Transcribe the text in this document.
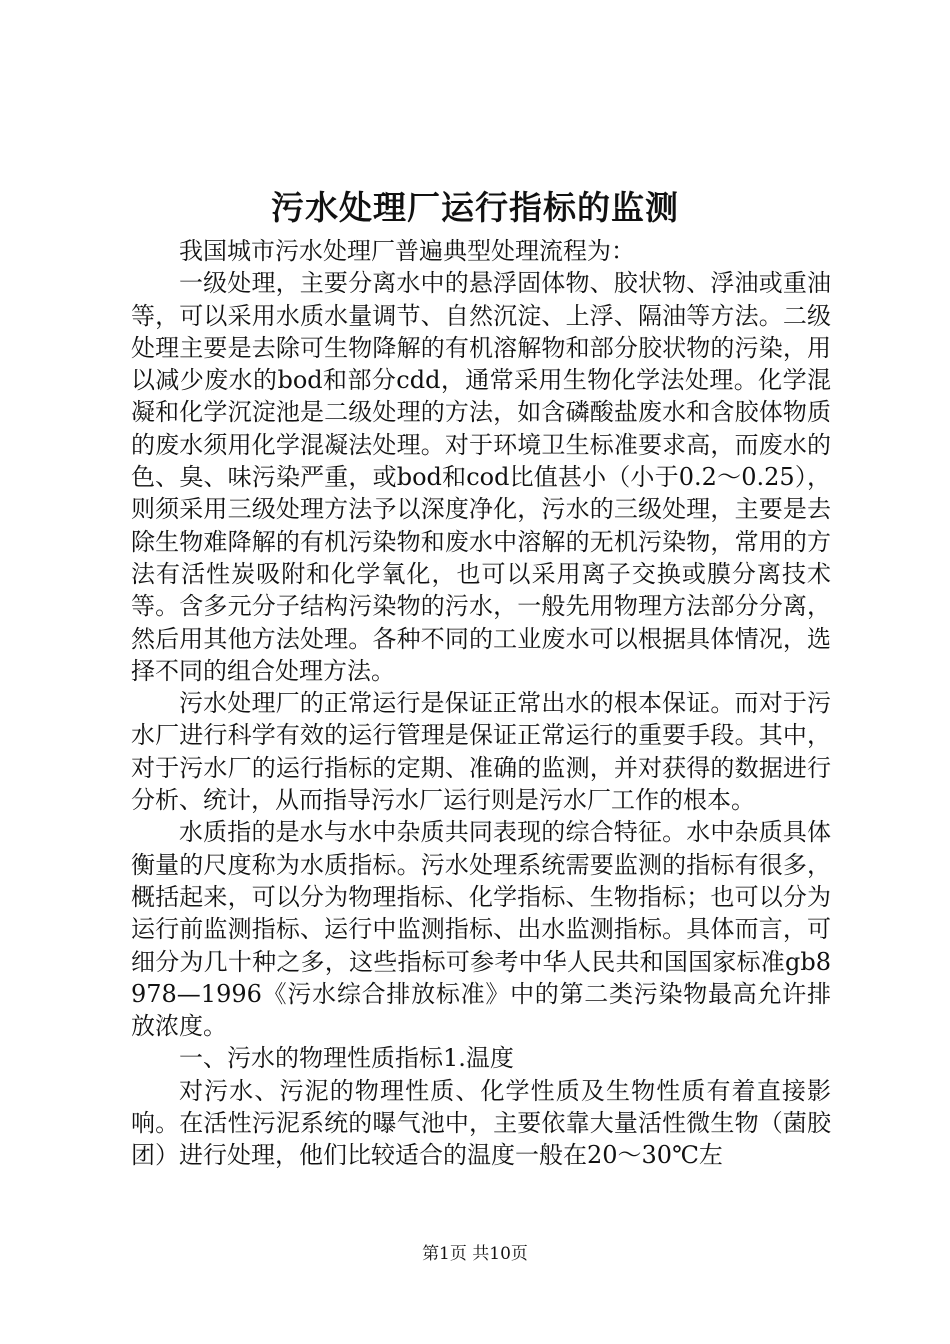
污水处理厂运行指标的监测

我国城市污水处理厂普遍典型处理流程为：

一级处理，主要分离水中的悬浮固体物、胶状物、浮油或重油等，可以采用水质水量调节、自然沉淀、上浮、隔油等方法。二级处理主要是去除可生物降解的有机溶解物和部分胶状物的污染，用以减少废水的bod和部分cdd，通常采用生物化学法处理。化学混凝和化学沉淀池是二级处理的方法，如含磷酸盐废水和含胶体物质的废水须用化学混凝法处理。对于环境卫生标准要求高，而废水的色、臭、味污染严重，或bod和cod比值甚小（小于0.2～0.25），则须采用三级处理方法予以深度净化，污水的三级处理，主要是去除生物难降解的有机污染物和废水中溶解的无机污染物，常用的方法有活性炭吸附和化学氧化，也可以采用离子交换或膜分离技术等。含多元分子结构污染物的污水，一般先用物理方法部分分离，然后用其他方法处理。各种不同的工业废水可以根据具体情况，选择不同的组合处理方法。

污水处理厂的正常运行是保证正常出水的根本保证。而对于污水厂进行科学有效的运行管理是保证正常运行的重要手段。其中，对于污水厂的运行指标的定期、准确的监测，并对获得的数据进行分析、统计，从而指导污水厂运行则是污水厂工作的根本。

水质指的是水与水中杂质共同表现的综合特征。水中杂质具体衡量的尺度称为水质指标。污水处理系统需要监测的指标有很多，概括起来，可以分为物理指标、化学指标、生物指标；也可以分为运行前监测指标、运行中监测指标、出水监测指标。具体而言，可细分为几十种之多，这些指标可参考中华人民共和国国家标准gb8978—1996《污水综合排放标准》中的第二类污染物最高允许排放浓度。

一、污水的物理性质指标1.温度

对污水、污泥的物理性质、化学性质及生物性质有着直接影响。在活性污泥系统的曝气池中，主要依靠大量活性微生物（菌胶团）进行处理，他们比较适合的温度一般在20～30℃左

第1页 共10页
